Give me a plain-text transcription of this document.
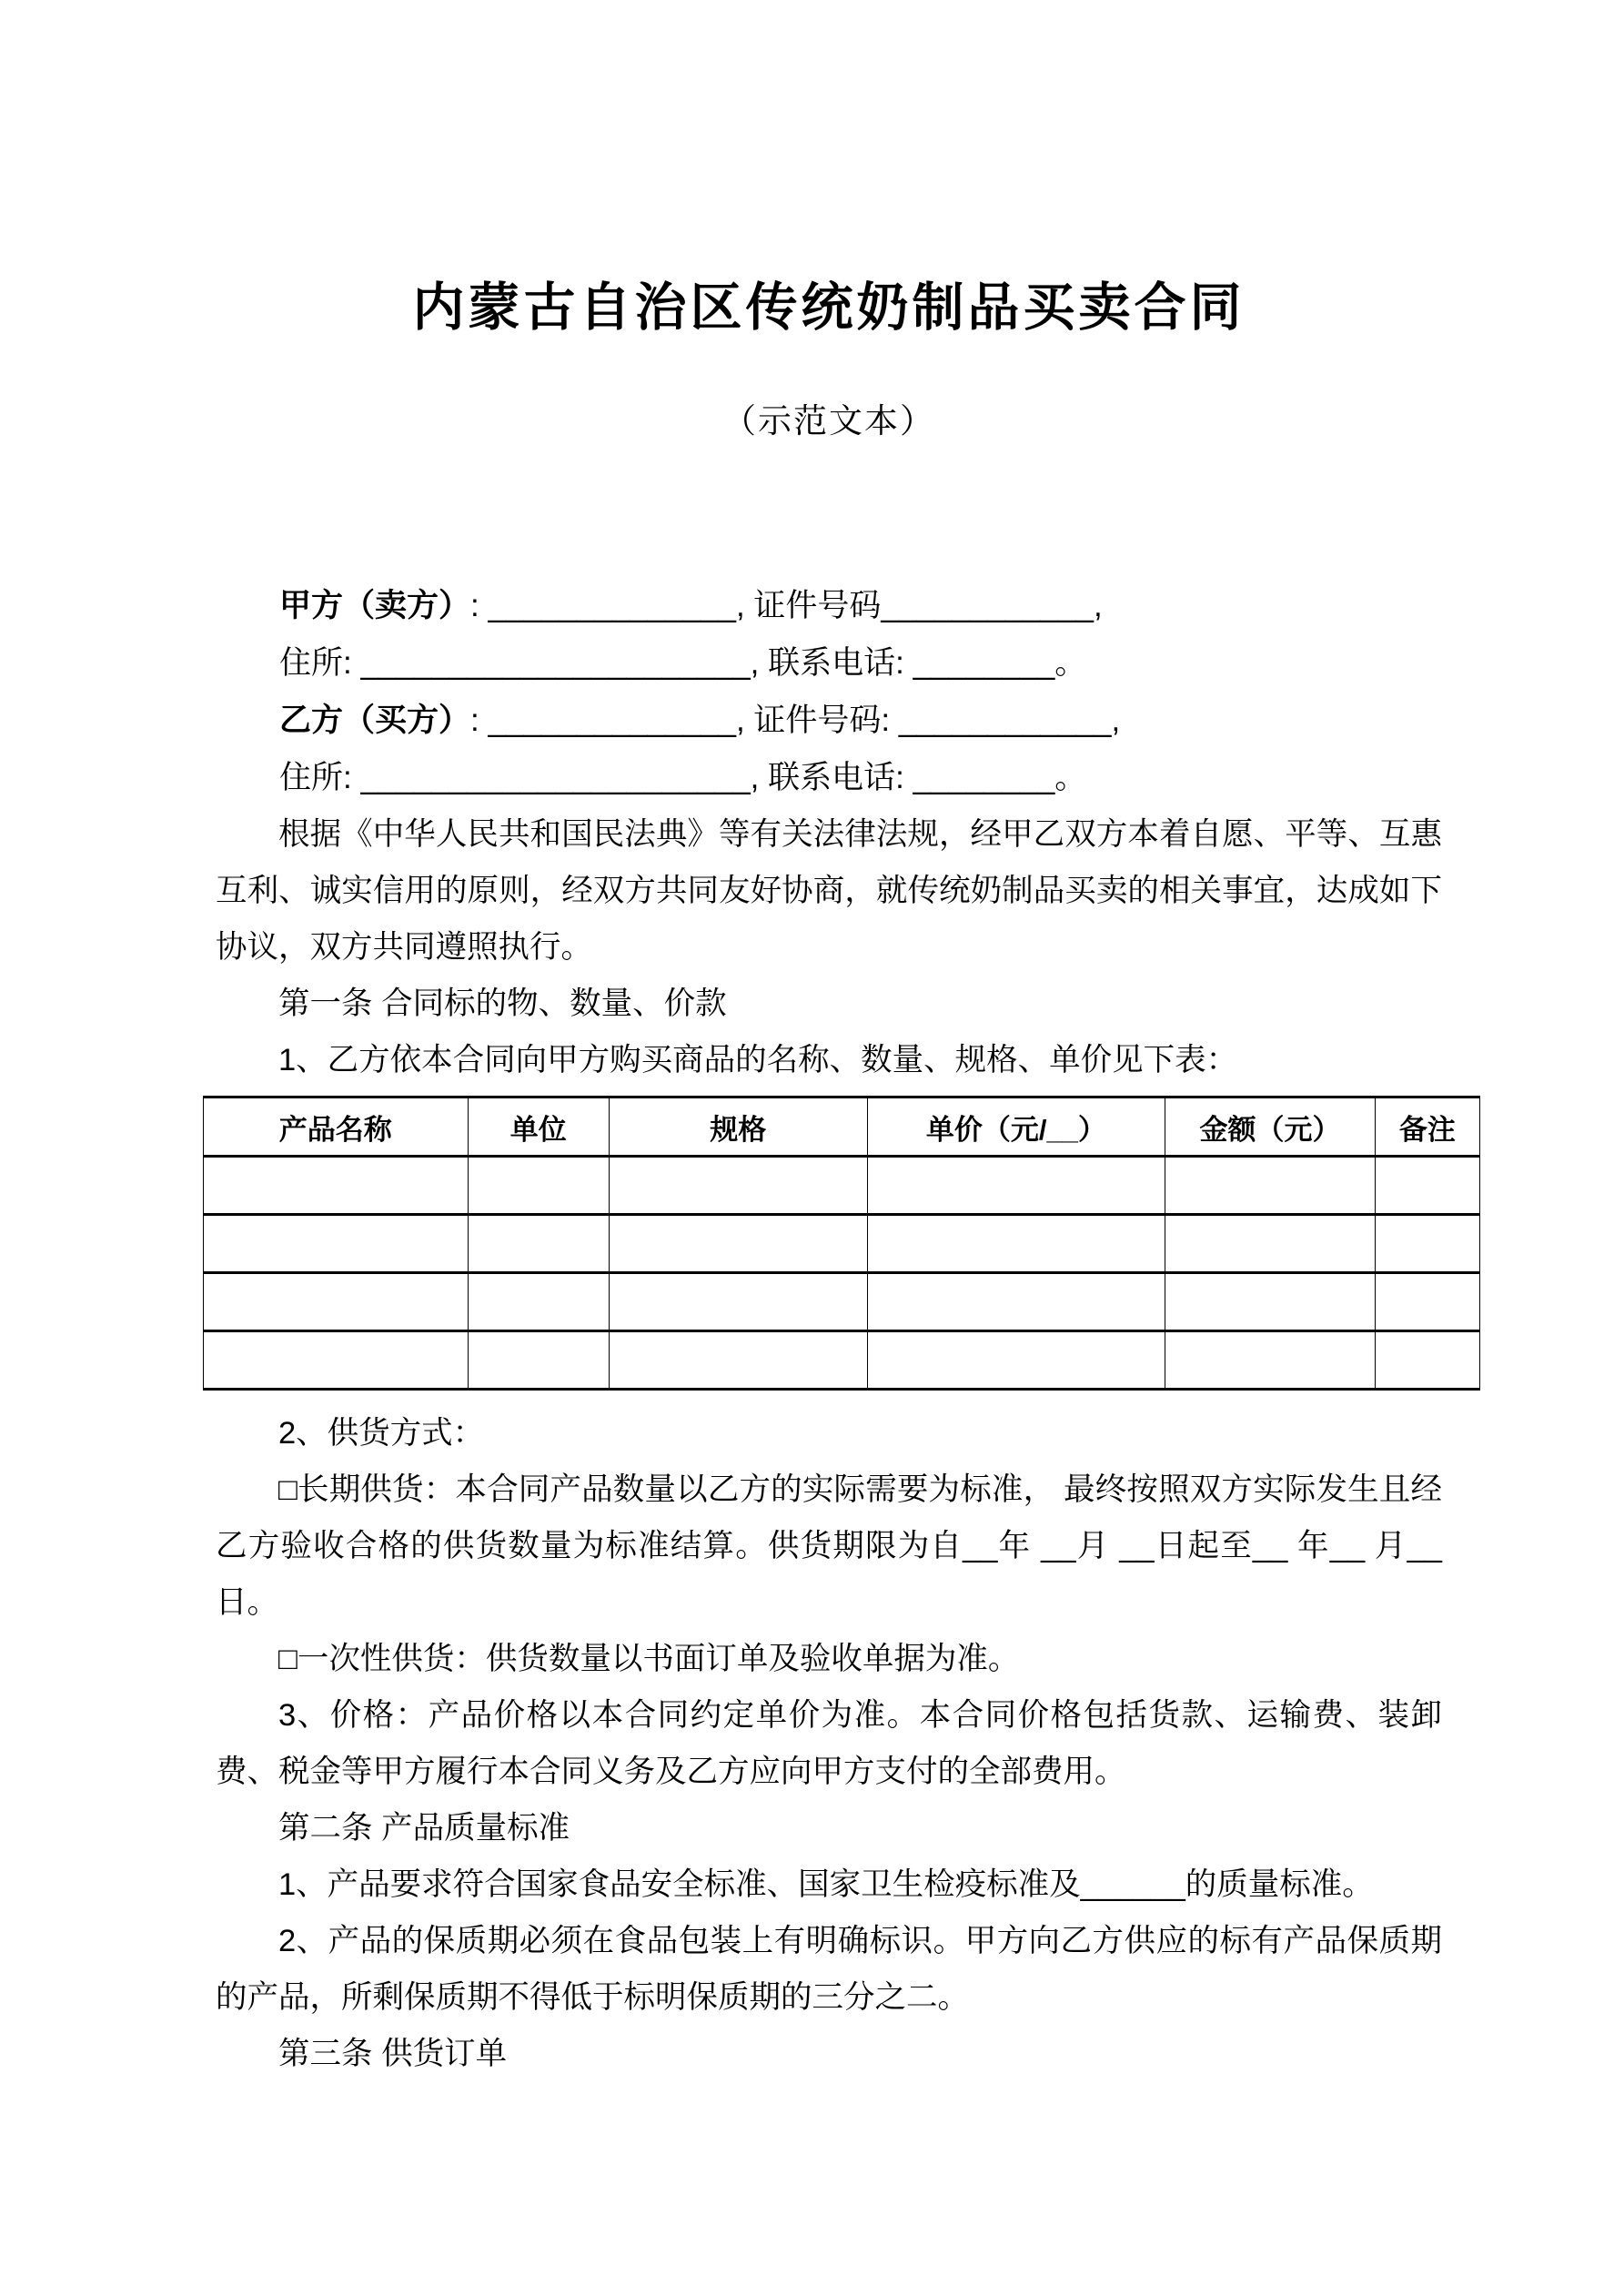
内蒙古自治区传统奶制品买卖合同
（示范文本）

甲方（卖方）: ______________, 证件号码____________,

住所: ______________________, 联系电话: ________。

乙方（买方）: ______________, 证件号码: ____________,

住所: ______________________, 联系电话: ________。

根据《中华人民共和国民法典》等有关法律法规，经甲乙双方本着自愿、平等、互惠互利、诚实信用的原则，经双方共同友好协商，就传统奶制品买卖的相关事宜，达成如下协议，双方共同遵照执行。

第一条 合同标的物、数量、价款

1、乙方依本合同向甲方购买商品的名称、数量、规格、单价见下表：

产品名称	单位	规格	单价（元/__）	金额（元）	备注

2、供货方式：

□长期供货：本合同产品数量以乙方的实际需要为标准， 最终按照双方实际发生且经乙方验收合格的供货数量为标准结算。供货期限为自__年 __月 __日起至__ 年__ 月__日。

□一次性供货：供货数量以书面订单及验收单据为准。

3、价格：产品价格以本合同约定单价为准。本合同价格包括货款、运输费、装卸费、税金等甲方履行本合同义务及乙方应向甲方支付的全部费用。

第二条 产品质量标准

1、产品要求符合国家食品安全标准、国家卫生检疫标准及______的质量标准。

2、产品的保质期必须在食品包装上有明确标识。甲方向乙方供应的标有产品保质期的产品，所剩保质期不得低于标明保质期的三分之二。

第三条 供货订单
